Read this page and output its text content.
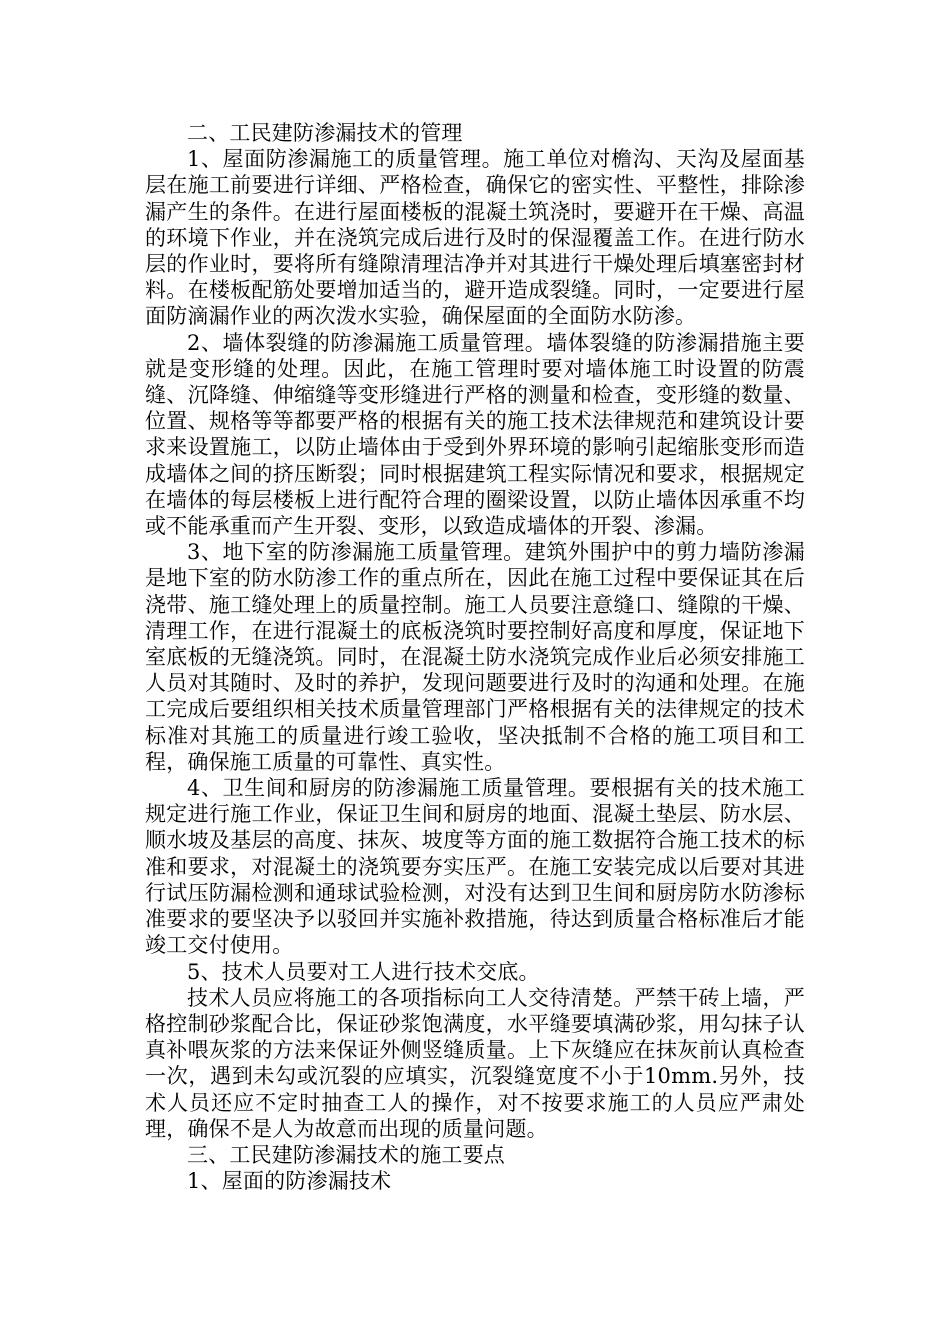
二、工民建防渗漏技术的管理

1、屋面防渗漏施工的质量管理。施工单位对檐沟、天沟及屋面基层在施工前要进行详细、严格检查，确保它的密实性、平整性，排除渗漏产生的条件。在进行屋面楼板的混凝土筑浇时，要避开在干燥、高温的环境下作业，并在浇筑完成后进行及时的保湿覆盖工作。在进行防水层的作业时，要将所有缝隙清理洁净并对其进行干燥处理后填塞密封材料。在楼板配筋处要增加适当的，避开造成裂缝。同时，一定要进行屋面防滴漏作业的两次泼水实验，确保屋面的全面防水防渗。

2、墙体裂缝的防渗漏施工质量管理。墙体裂缝的防渗漏措施主要就是变形缝的处理。因此，在施工管理时要对墙体施工时设置的防震缝、沉降缝、伸缩缝等变形缝进行严格的测量和检查，变形缝的数量、位置、规格等等都要严格的根据有关的施工技术法律规范和建筑设计要求来设置施工，以防止墙体由于受到外界环境的影响引起缩胀变形而造成墙体之间的挤压断裂；同时根据建筑工程实际情况和要求，根据规定在墙体的每层楼板上进行配符合理的圈梁设置，以防止墙体因承重不均或不能承重而产生开裂、变形，以致造成墙体的开裂、渗漏。

3、地下室的防渗漏施工质量管理。建筑外围护中的剪力墙防渗漏是地下室的防水防渗工作的重点所在，因此在施工过程中要保证其在后浇带、施工缝处理上的质量控制。施工人员要注意缝口、缝隙的干燥、清理工作，在进行混凝土的底板浇筑时要控制好高度和厚度，保证地下室底板的无缝浇筑。同时，在混凝土防水浇筑完成作业后必须安排施工人员对其随时、及时的养护，发现问题要进行及时的沟通和处理。在施工完成后要组织相关技术质量管理部门严格根据有关的法律规定的技术标准对其施工的质量进行竣工验收，坚决抵制不合格的施工项目和工程，确保施工质量的可靠性、真实性。

4、卫生间和厨房的防渗漏施工质量管理。要根据有关的技术施工规定进行施工作业，保证卫生间和厨房的地面、混凝土垫层、防水层、顺水坡及基层的高度、抹灰、坡度等方面的施工数据符合施工技术的标准和要求，对混凝土的浇筑要夯实压严。在施工安装完成以后要对其进行试压防漏检测和通球试验检测，对没有达到卫生间和厨房防水防渗标准要求的要坚决予以驳回并实施补救措施，待达到质量合格标准后才能竣工交付使用。

5、技术人员要对工人进行技术交底。

技术人员应将施工的各项指标向工人交待清楚。严禁干砖上墙，严格控制砂浆配合比，保证砂浆饱满度，水平缝要填满砂浆，用勾抹子认真补喂灰浆的方法来保证外侧竖缝质量。上下灰缝应在抹灰前认真检查一次，遇到未勾或沉裂的应填实，沉裂缝宽度不小于10mm.另外，技术人员还应不定时抽查工人的操作，对不按要求施工的人员应严肃处理，确保不是人为故意而出现的质量问题。

三、工民建防渗漏技术的施工要点

1、屋面的防渗漏技术
